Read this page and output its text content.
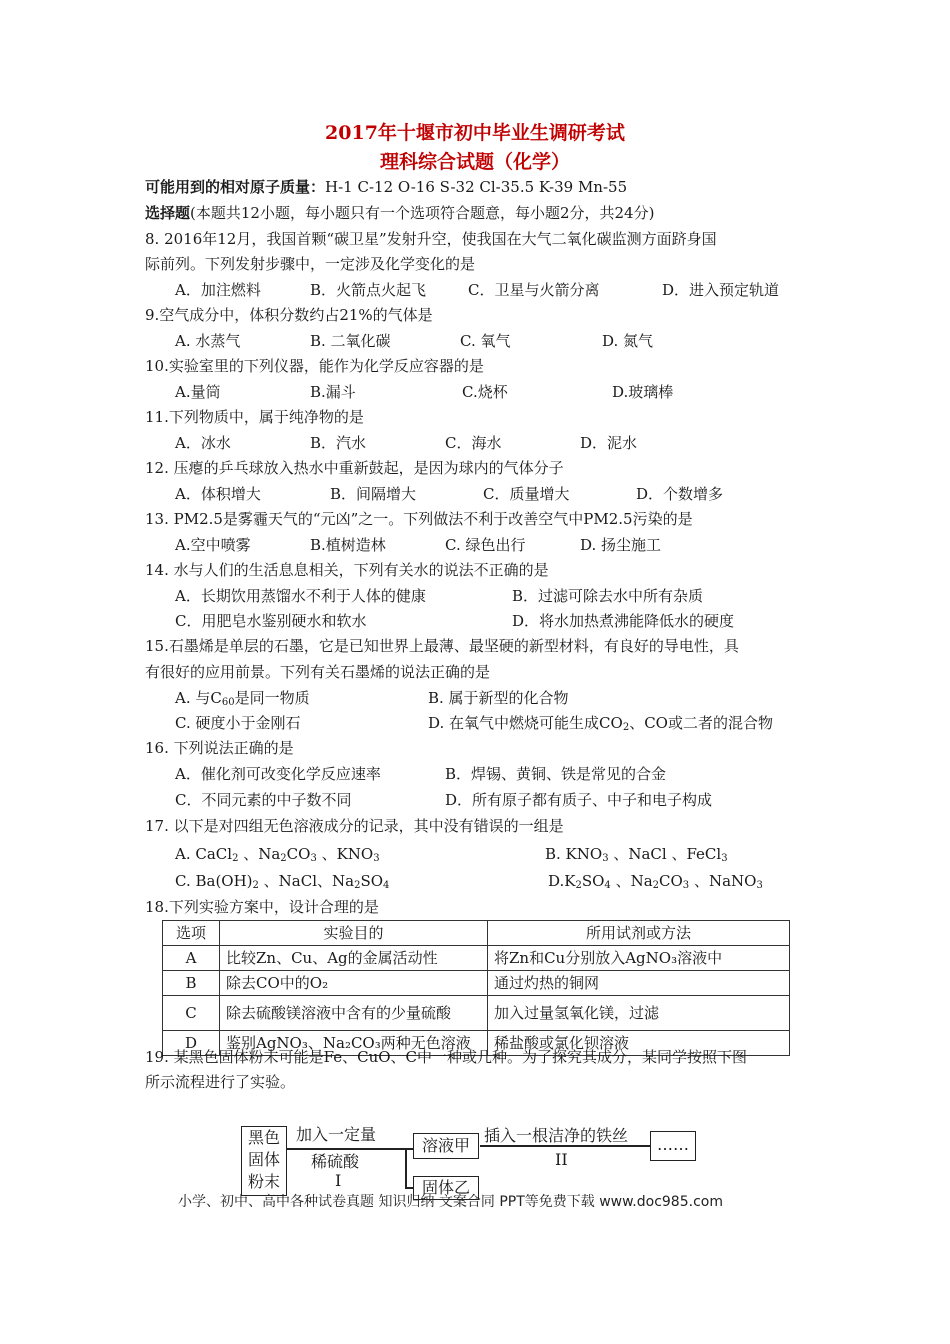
2017年十堰市初中毕业生调研考试
理科综合试题（化学）
可能用到的相对原子质量：H-1 C-12 O-16 S-32 Cl-35.5 K-39 Mn-55
选择题(本题共12小题，每小题只有一个选项符合题意，每小题2分，共24分)
8. 2016年12月，我国首颗“碳卫星”发射升空，使我国在大气二氧化碳监测方面跻身国
际前列。下列发射步骤中，一定涉及化学变化的是
A．加注燃料	B．火箭点火起飞	C．卫星与火箭分离	D．进入预定轨道
9.空气成分中，体积分数约占21%的气体是
A. 水蒸气	B. 二氧化碳	C. 氧气	D. 氮气
10.实验室里的下列仪器，能作为化学反应容器的是
A.量筒	B.漏斗	C.烧杯	D.玻璃棒
11.下列物质中，属于纯净物的是
A．冰水	B．汽水	C．海水	D．泥水
12. 压瘪的乒乓球放入热水中重新鼓起，是因为球内的气体分子
A．体积增大	B．间隔增大	C．质量增大	D．个数增多
13. PM2.5是雾霾天气的“元凶”之一。下列做法不利于改善空气中PM2.5污染的是
A.空中喷雾	B.植树造林	C. 绿色出行	D. 扬尘施工
14. 水与人们的生活息息相关，下列有关水的说法不正确的是
A．长期饮用蒸馏水不利于人体的健康	B．过滤可除去水中所有杂质
C．用肥皂水鉴别硬水和软水	D．将水加热煮沸能降低水的硬度
15.石墨烯是单层的石墨，它是已知世界上最薄、最坚硬的新型材料，有良好的导电性，具
有很好的应用前景。下列有关石墨烯的说法正确的是
A. 与$C_{60}$是同一物质	B. 属于新型的化合物
C. 硬度小于金刚石	D. 在氧气中燃烧可能生成$CO_2$、CO或二者的混合物
16. 下列说法正确的是
A．催化剂可改变化学反应速率	B．焊锡、黄铜、铁是常见的合金
C．不同元素的中子数不同	D．所有原子都有质子、中子和电子构成
17. 以下是对四组无色溶液成分的记录，其中没有错误的一组是
A. CaCl$_2$ 、$Na_2CO_3$ 、$KNO_3$	B. $KNO_3$ 、NaCl 、FeCl$_3$
C. $Ba(OH)_2$ 、NaCl、$Na_2SO_4$	$D.K_2SO_4$ 、$Na_2CO_3$ 、NaNO$_3$
18.下列实验方案中，设计合理的是
选项	实验目的	所用试剂或方法
A	比较Zn、Cu、Ag的金属活动性	将Zn和Cu分别放入AgNO₃溶液中
B	除去CO中的O₂	通过灼热的铜网
C	除去硫酸镁溶液中含有的少量硫酸	加入过量氢氧化镁，过滤
D	鉴别AgNO₃、Na₂CO₃两种无色溶液	稀盐酸或氯化钡溶液
19. 某黑色固体粉末可能是Fe、CuO、C中一种或几种。为了探究其成分，某同学按照下图
所示流程进行了实验。
黑色
固体
粉末
加入一定量
稀硫酸
I
溶液甲
固体乙
插入一根洁净的铁丝
II
……
小学、初中、高中各种试卷真题 知识归纳 文案合同 PPT等免费下载 www.doc985.com
